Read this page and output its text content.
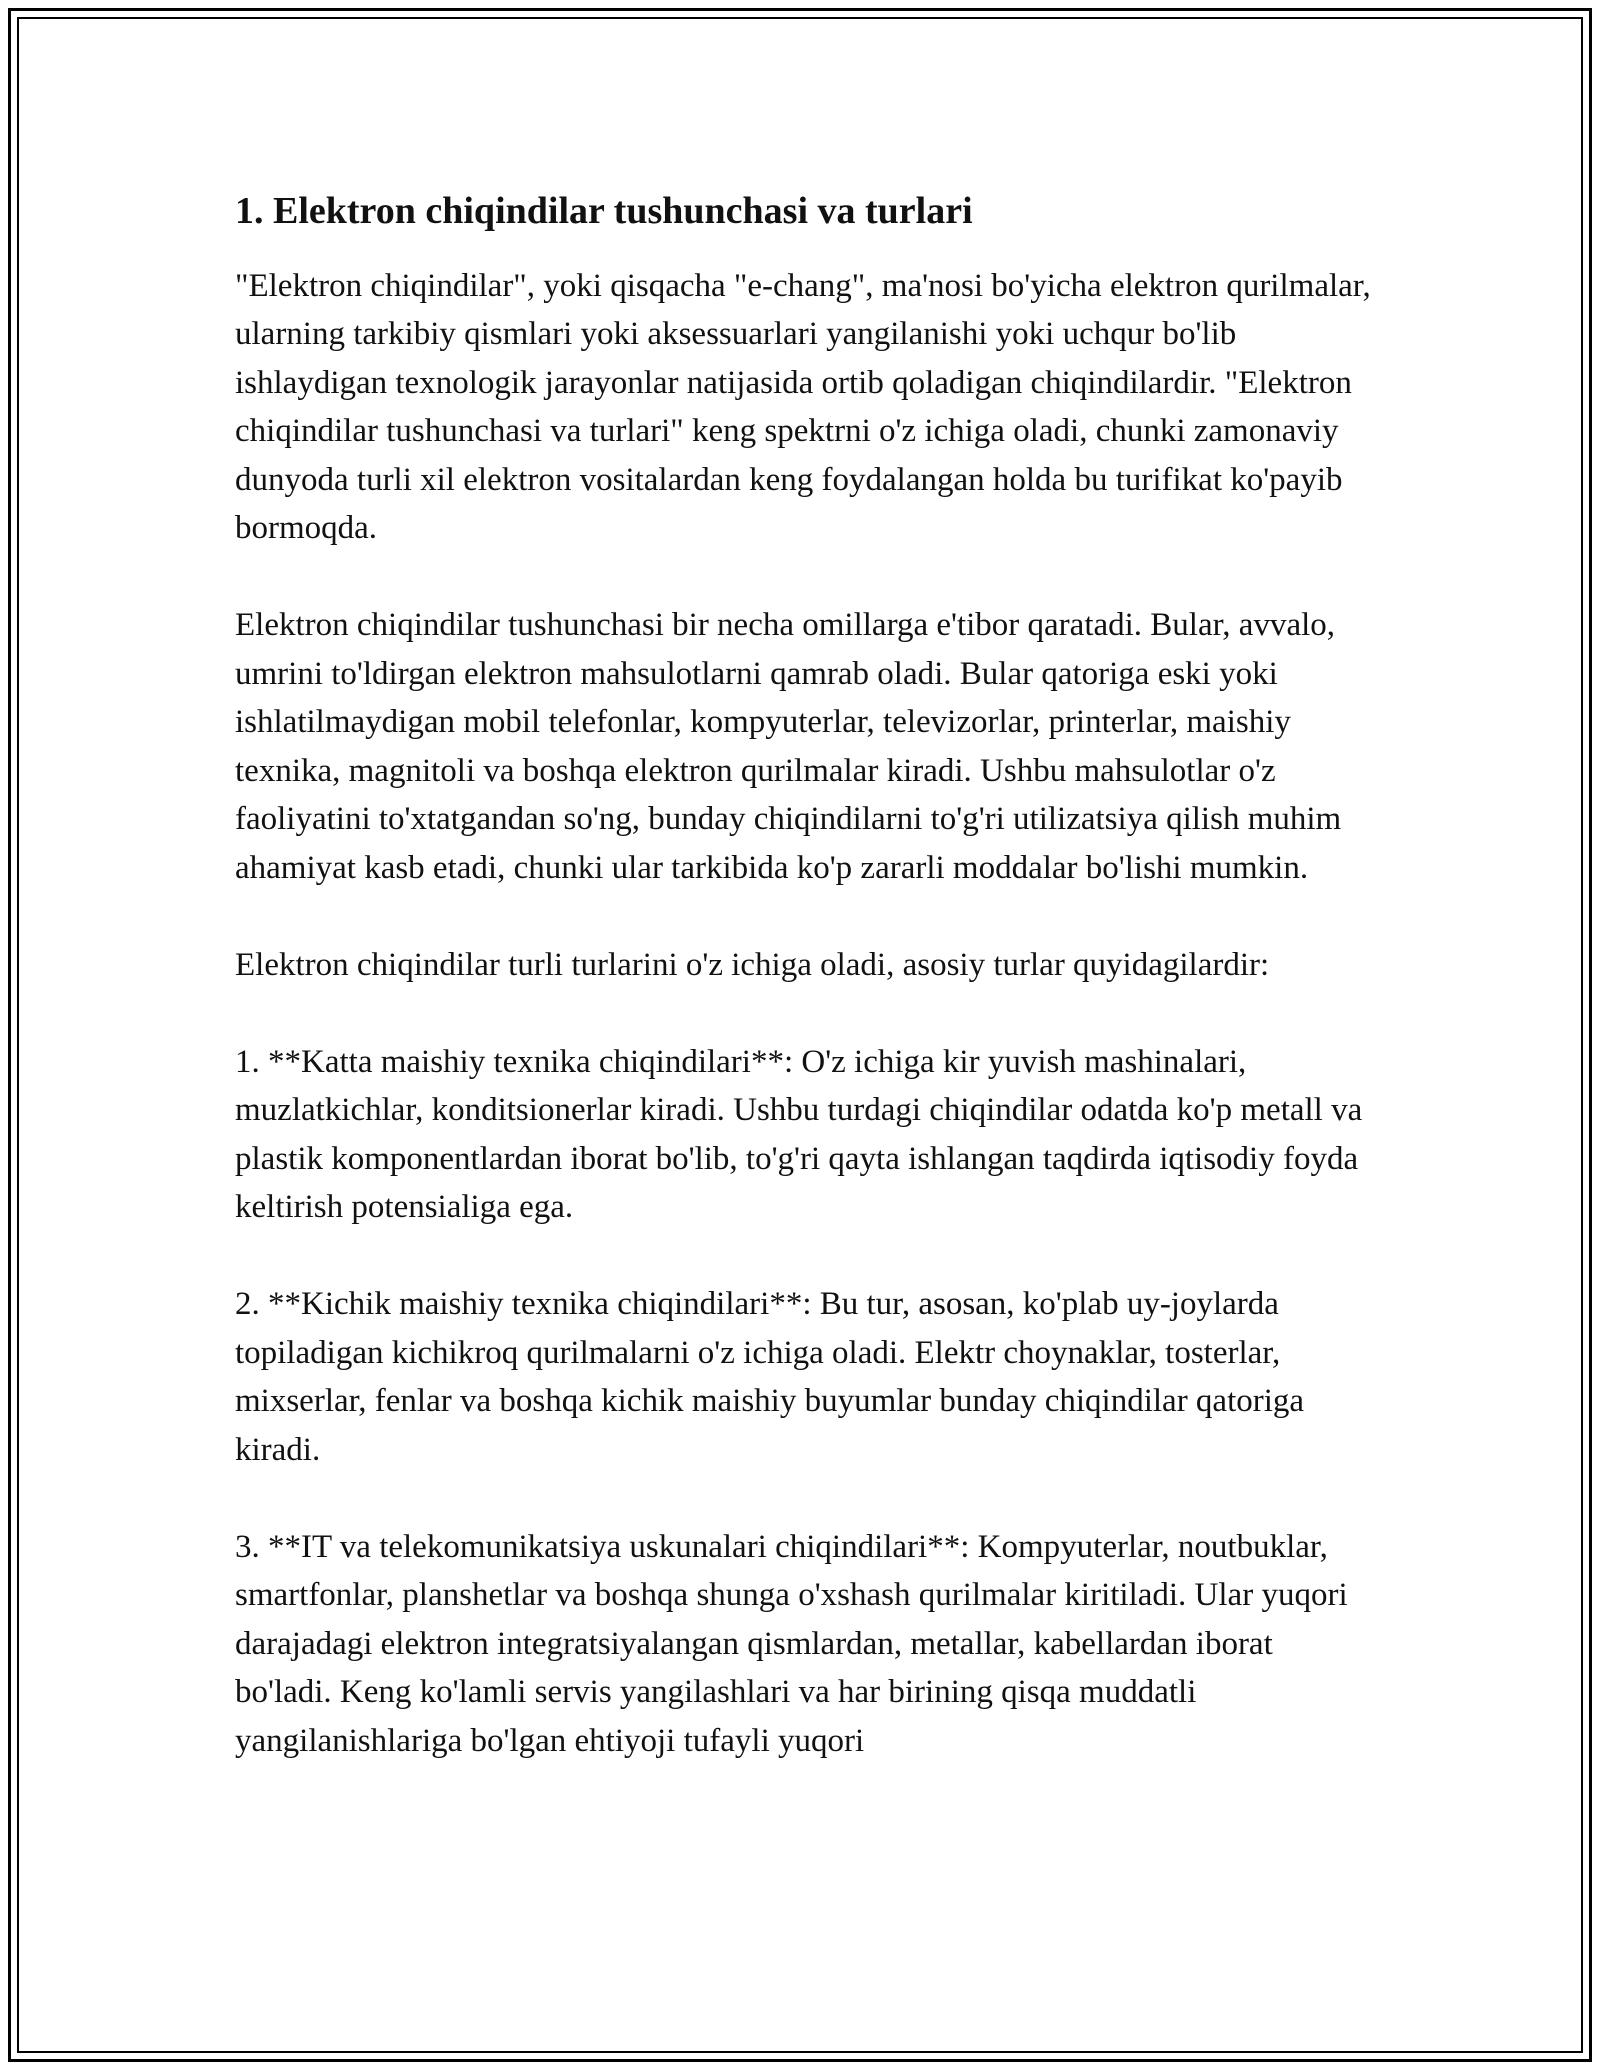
1. Elektron chiqindilar tushunchasi va turlari

"Elektron chiqindilar", yoki qisqacha "e-chang", ma'nosi bo'yicha elektron qurilmalar, ularning tarkibiy qismlari yoki aksessuarlari yangilanishi yoki uchqur bo'lib ishlaydigan texnologik jarayonlar natijasida ortib qoladigan chiqindilardir. "Elektron chiqindilar tushunchasi va turlari" keng spektrni o'z ichiga oladi, chunki zamonaviy dunyoda turli xil elektron vositalardan keng foydalangan holda bu turifikat ko'payib bormoqda.

Elektron chiqindilar tushunchasi bir necha omillarga e'tibor qaratadi. Bular, avvalo, umrini to'ldirgan elektron mahsulotlarni qamrab oladi. Bular qatoriga eski yoki ishlatilmaydigan mobil telefonlar, kompyuterlar, televizorlar, printerlar, maishiy texnika, magnitoli va boshqa elektron qurilmalar kiradi. Ushbu mahsulotlar o'z faoliyatini to'xtatgandan so'ng, bunday chiqindilarni to'g'ri utilizatsiya qilish muhim ahamiyat kasb etadi, chunki ular tarkibida ko'p zararli moddalar bo'lishi mumkin.

Elektron chiqindilar turli turlarini o'z ichiga oladi, asosiy turlar quyidagilardir:

1. **Katta maishiy texnika chiqindilari**: O'z ichiga kir yuvish mashinalari, muzlatkichlar, konditsionerlar kiradi. Ushbu turdagi chiqindilar odatda ko'p metall va plastik komponentlardan iborat bo'lib, to'g'ri qayta ishlangan taqdirda iqtisodiy foyda keltirish potensialiga ega.

2. **Kichik maishiy texnika chiqindilari**: Bu tur, asosan, ko'plab uy-joylarda topiladigan kichikroq qurilmalarni o'z ichiga oladi. Elektr choynaklar, tosterlar, mixserlar, fenlar va boshqa kichik maishiy buyumlar bunday chiqindilar qatoriga kiradi.

3. **IT va telekomunikatsiya uskunalari chiqindilari**: Kompyuterlar, noutbuklar, smartfonlar, planshetlar va boshqa shunga o'xshash qurilmalar kiritiladi. Ular yuqori darajadagi elektron integratsiyalangan qismlardan, metallar, kabellardan iborat bo'ladi. Keng ko'lamli servis yangilashlari va har birining qisqa muddatli yangilanishlariga bo'lgan ehtiyoji tufayli yuqori
